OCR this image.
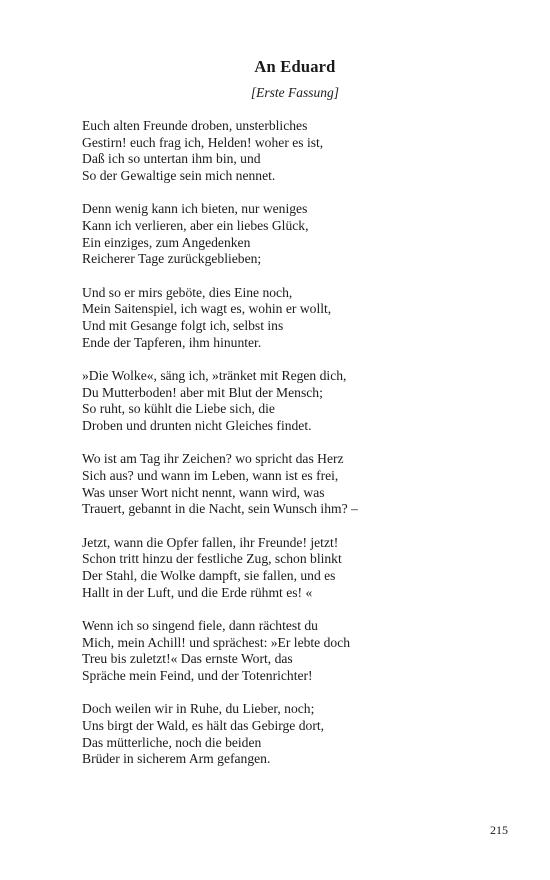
An Eduard
[Erste Fassung]
Euch alten Freunde droben, unsterbliches
Gestirn! euch frag ich, Helden! woher es ist,
Daß ich so untertan ihm bin, und
So der Gewaltige sein mich nennet.
Denn wenig kann ich bieten, nur weniges
Kann ich verlieren, aber ein liebes Glück,
Ein einziges, zum Angedenken
Reicherer Tage zurückgeblieben;
Und so er mirs geböte, dies Eine noch,
Mein Saitenspiel, ich wagt es, wohin er wollt,
Und mit Gesange folgt ich, selbst ins
Ende der Tapferen, ihm hinunter.
»Die Wolke«, säng ich, »tränket mit Regen dich,
Du Mutterboden! aber mit Blut der Mensch;
So ruht, so kühlt die Liebe sich, die
Droben und drunten nicht Gleiches findet.
Wo ist am Tag ihr Zeichen? wo spricht das Herz
Sich aus? und wann im Leben, wann ist es frei,
Was unser Wort nicht nennt, wann wird, was
Trauert, gebannt in die Nacht, sein Wunsch ihm? –
Jetzt, wann die Opfer fallen, ihr Freunde! jetzt!
Schon tritt hinzu der festliche Zug, schon blinkt
Der Stahl, die Wolke dampft, sie fallen, und es
Hallt in der Luft, und die Erde rühmt es! «
Wenn ich so singend fiele, dann rächtest du
Mich, mein Achill! und sprächest: »Er lebte doch
Treu bis zuletzt!« Das ernste Wort, das
Spräche mein Feind, und der Totenrichter!
Doch weilen wir in Ruhe, du Lieber, noch;
Uns birgt der Wald, es hält das Gebirge dort,
Das mütterliche, noch die beiden
Brüder in sicherem Arm gefangen.
215
